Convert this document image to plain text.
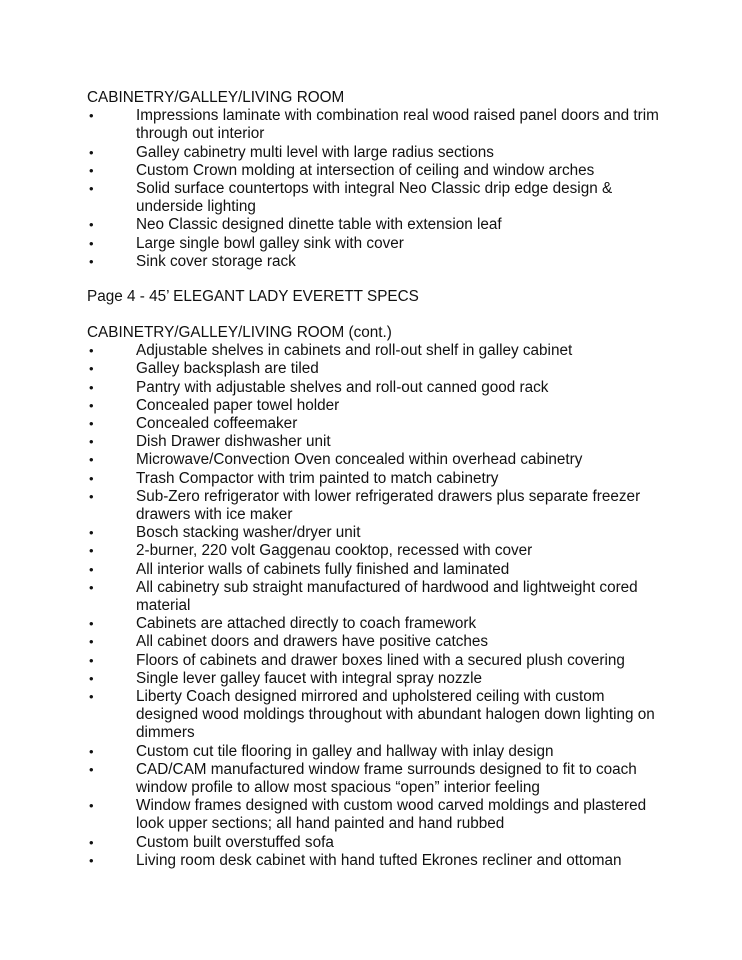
CABINETRY/GALLEY/LIVING ROOM
•	Impressions laminate with combination real wood raised panel doors and trim through out interior
•	Galley cabinetry multi level with large radius sections
•	Custom Crown molding at intersection of ceiling and window arches
•	Solid surface countertops with integral Neo Classic drip edge design & underside lighting
•	Neo Classic designed dinette table with extension leaf
•	Large single bowl galley sink with cover
•	Sink cover storage rack
Page 4 - 45’ ELEGANT LADY EVERETT SPECS
CABINETRY/GALLEY/LIVING ROOM (cont.)
•	Adjustable shelves in cabinets and roll-out shelf in galley cabinet
•	Galley backsplash are tiled
•	Pantry with adjustable shelves and roll-out canned good rack
•	Concealed paper towel holder
•	Concealed coffeemaker
•	Dish Drawer dishwasher unit
•	Microwave/Convection Oven concealed within overhead cabinetry
•	Trash Compactor with trim painted to match cabinetry
•	Sub-Zero refrigerator with lower refrigerated drawers plus separate freezer drawers with ice maker
•	Bosch stacking washer/dryer unit
•	2-burner, 220 volt Gaggenau cooktop, recessed with cover
•	All interior walls of cabinets fully finished and laminated
•	All cabinetry sub straight manufactured of hardwood and lightweight cored material
•	Cabinets are attached directly to coach framework
•	All cabinet doors and drawers have positive catches
•	Floors of cabinets and drawer boxes lined with a secured plush covering
•	Single lever galley faucet with integral spray nozzle
•	Liberty Coach designed mirrored and upholstered ceiling with custom designed wood moldings throughout with abundant halogen down lighting on dimmers
•	Custom cut tile flooring in galley and hallway with inlay design
•	CAD/CAM manufactured window frame surrounds designed to fit to coach window profile to allow most spacious “open” interior feeling
•	Window frames designed with custom wood carved moldings and plastered look upper sections; all hand painted and hand rubbed
•	Custom built overstuffed sofa
•	Living room desk cabinet with hand tufted Ekrones recliner and ottoman
